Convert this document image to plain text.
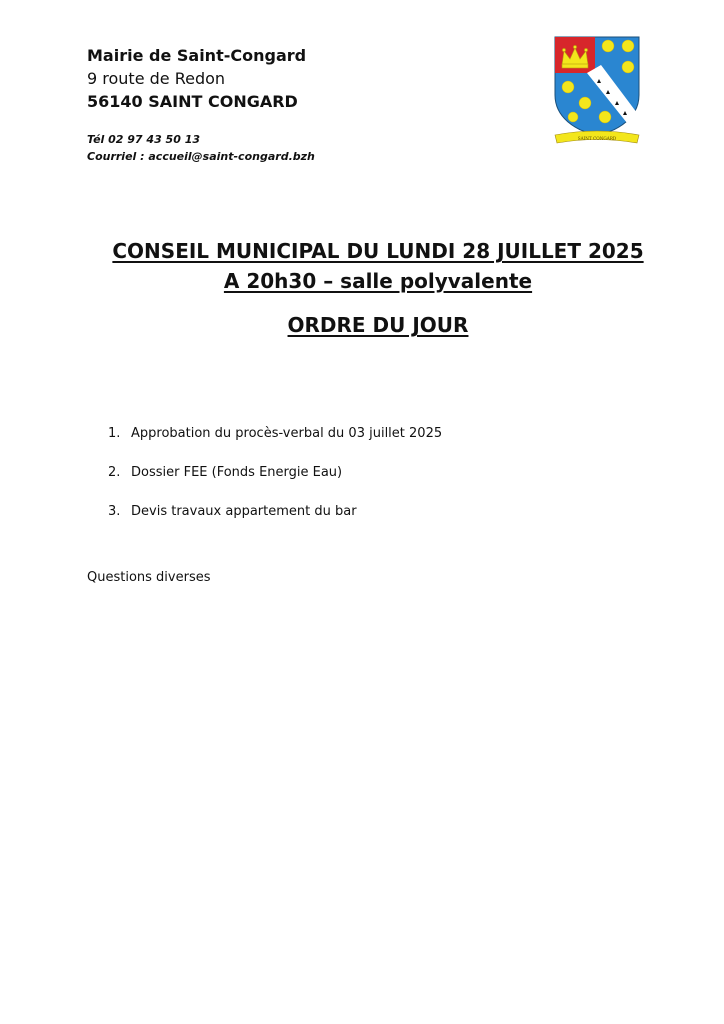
Mairie de Saint-Congard
9 route de Redon
56140 SAINT CONGARD
Tél 02 97 43 50 13
Courriel : accueil@saint-congard.bzh
SAINT CONGARD
CONSEIL MUNICIPAL DU LUNDI 28 JUILLET 2025
A 20h30 – salle polyvalente
ORDRE DU JOUR
1. Approbation du procès-verbal du 03 juillet 2025
2. Dossier FEE (Fonds Energie Eau)
3. Devis travaux appartement du bar
Questions diverses
